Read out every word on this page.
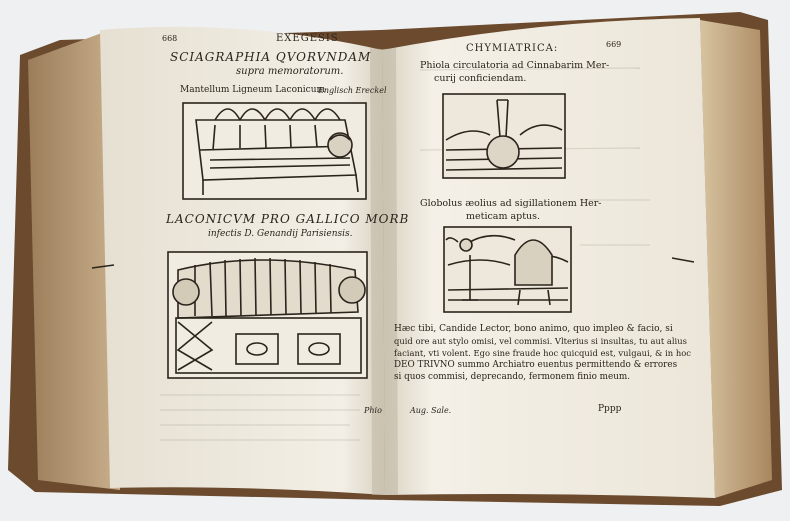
668	EXEGESIS
SCIAGRAPHIA QVORVNDAM
supra memoratorum.
Mantellum Ligneum Laconicum
Englisch Ereckel
LACONICVM PRO GALLICO MORB
infectis D. Genandij Parisiensis.
Phio
CHYMIATRICA:	669
Phiola circulatoria ad Cinnabarim Mer-
curij conficiendam.
Globolus æolius ad sigillationem Her-
meticam aptus.
Hæc tibi, Candide Lector, bono animo, quo impleo & facio, si
quid ore aut stylo omisi, vel commisi. Vlterius si insultas, tu aut alius
faciant, vti volent. Ego sine fraude hoc quicquid est, vulgaui, & in hoc
DEO TRIVNO summo Archiatro euentus permittendo & errores
si quos commisi, deprecando, fermonem finio meum.
Aug. Sale.	Pppp
